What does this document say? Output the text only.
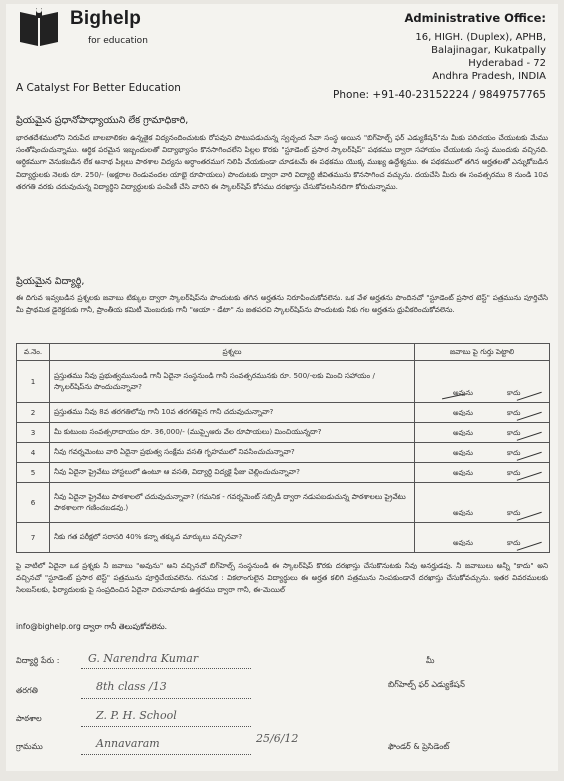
Bighelp
for education
A Catalyst For Better Education
Administrative Office:
16, HIGH. (Duplex), APHB,
Balajinagar, Kukatpally
Hyderabad - 72
Andhra Pradesh, INDIA
Phone: +91-40-23152224 / 9849757765
ప్రియమైన ప్రధానోపాధ్యాయుని లేక గ్రామాధికారి,
భారతదేశములోని నిరుపేద బాలబాలికల ఉన్నతైక విద్యనందించుటకు రోపవుని పొటుపడుచున్న స్వచ్ఛంద సేవా సంస్థ అయిన "బిగ్‌హెల్ప్ ఫర్ ఎడ్యుకేషన్"ను మీకు పరిచయం చేయుటకు మేము సంతోషించుచున్నాము. ఆర్థిక పరమైన ఇబ్బందులతో విద్యాభ్యాసం కొనసాగించలేని పిల్లల కొరకు "స్టూడెంట్ ప్రసార స్కాలర్‌షిప్" పథకము ద్వారా సహాయం చేయుటకు సంస్థ ముందుకు వచ్చినది. ఆర్థికముగా వెనుకబడిన లేక అనాథ పిల్లలు పాఠశాల విద్యను అర్ధాంతరముగ నిలిపి వేయకుండా చూడటమే ఈ పథకము యొక్క ముఖ్య ఉద్దేశ్యము. ఈ పథకములో తగిన అర్హతలతో ఎన్నుకోబడిన విద్యార్థులకు నెలకు రూ. 250/- (అక్షరాల రెండువందల యాభై రూపాయలు) పొందుటకు ద్వారా వారి విద్యార్థి జీవితమును కొనసాగించ వచ్చును. దయచేసి మీరు ఈ సంవత్సరము 8 నుండి 10వ తరగతి వరకు చదువుచున్న విద్యార్థిని విద్యార్థులకు పంపిణీ చేసి వారిని ఈ స్కాలర్‌షిప్ కోసము దరఖాస్తు చేసుకోవలసినదిగా కోరుచున్నాము.
ప్రియమైన విద్యార్థి,
ఈ దిగువ ఇవ్వబడిన ప్రశ్నలకు జవాబు టిక్కుల ద్వారా స్కాలర్‌షిప్‌ను పొందుటకు తగిన అర్హతను నిరూపించుకోవలెను. ఒక వేళ అర్హతను పొందినచో "స్టూడెంట్ ప్రసార టెస్ట్" పత్రమును పూర్తిచేసి మీ ప్రాథమిక డైరెక్టరుకు గానీ, ప్రాంతీయ కమిటీ మెంబరుకు గానీ "ఆయా - డేటా" ను జతపరచి స్కాలర్‌షిప్‌ను పొందుటకు నీకు గల అర్హతను ధ్రువీకరించుకోవలెను.
వ.నెం.	ప్రశ్నలు	జవాబు పై గుర్తు పెట్టాలి
1	ప్రస్తుతము నీవు ప్రభుత్వమునుండి గానీ ఏదైనా సంస్థనుండి గానీ సంవత్సరమునకు రూ. 500/-లకు మించి సహాయం / స్కాలర్‌షిప్‌ను పొందుచున్నావా?	అవును కాదు

2	ప్రస్తుతము నీవు 8వ తరగతిలోపు గానీ 10వ తరగతిపైన గానీ చదువుచున్నావా?	అవును కాదు

3	మీ కుటుంబ సంవత్సరాదాయం రూ. 36,000/- (ముప్పైఆరు వేల రూపాయలు) మించియున్నదా?	అవును కాదు

4	నీవు గవర్నమెంటు వారి ఏదైనా ప్రభుత్వ సంక్షేమ వసతి గృహములో నివసించుచున్నావా?	అవును కాదు

5	నీవు ఏదైనా ప్రైవేటు హాస్టలులో ఉంటూ ఆ వసతి, విద్యార్థి విద్యకై ఫీజు చెల్లించుచున్నావా?	అవును కాదు

6	నీవు ఏదైనా ప్రైవేటు పాఠశాలలో చదువుచున్నావా? (గమనిక - గవర్నమెంట్ సబ్సిడీ ద్వారా నడుపబడుచున్న పాఠశాలలు ప్రైవేటు పాఠశాలగా గణించబడవు.)	అవును కాదు

7	నీకు గత పరీక్షలో సరాసరి 40% కన్నా తక్కువ మార్కులు వచ్చినవా?	అవును కాదు
పై వాటిలో ఏదైనా ఒక ప్రశ్నకు నీ జవాబు "అవును" అని వచ్చినచో బిగ్‌హెల్ప్ సంస్థనుండి ఈ స్కాలర్‌షిప్ కొరకు దరఖాస్తు చేసుకొనుటకు నీవు అనర్హుడవు. నీ జవాబులు అన్నీ "కాదు" అని వచ్చినచో "స్టూడెంట్ ప్రసార టెస్ట్" పత్రమును పూర్తిచేయవలెను. గమనిక : వికలాంగులైన విద్యార్థులు ఈ అర్హత కలిగి పత్రమును నింపకుండానే దరఖాస్తు చేసుకోవచ్చును. ఇతర వివరములకు సిలబస్‌లకు, ఫిర్యాదులకు పై సంప్రదించిన ఏదైనా చిరునామాకు ఉత్తరము ద్వారా గానీ, ఈ-మెయిల్
info@bighelp.org ద్వారా గానీ తెలుపుకోవలెను.
విద్యార్థి పేరు :	G. Narendra Kumar
తరగతి	8th class /13
పాఠశాల	Z. P. H. School
గ్రామము	Annavaram	25/6/12
మీ
బిగ్‌హెల్ప్ ఫర్ ఎడ్యుకేషన్
ఫౌండర్ & ప్రెసిడెంట్
